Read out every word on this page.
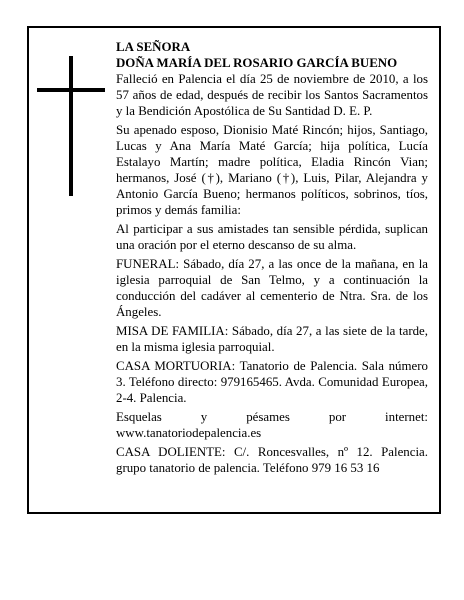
LA SEÑORA

DOÑA MARÍA DEL ROSARIO GARCÍA BUENO

Falleció en Palencia el día 25 de noviembre de 2010, a los 57 años de edad, después de recibir los Santos Sacramentos y la Bendición Apostólica de Su Santidad D. E. P.

Su apenado esposo, Dionisio Maté Rincón; hijos, Santiago, Lucas y Ana María Maté García; hija política, Lucía Estalayo Martín; madre política, Eladia Rincón Vian; hermanos, José (†), Mariano (†), Luis, Pilar, Alejandra y Antonio García Bueno; hermanos políticos, sobrinos, tíos, primos y demás familia:

Al participar a sus amistades tan sensible pérdida, suplican una oración por el eterno descanso de su alma.

FUNERAL: Sábado, día 27, a las once de la mañana, en la iglesia parroquial de San Telmo, y a continuación la conducción del cadáver al cementerio de Ntra. Sra. de los Ángeles.

MISA DE FAMILIA: Sábado, día 27, a las siete de la tarde, en la misma iglesia parroquial.

CASA MORTUORIA: Tanatorio de Palencia. Sala número 3. Teléfono directo: 979165465. Avda. Comunidad Europea, 2-4. Palencia.

Esquelas y pésames por internet: www.tanatoriodepalencia.es

CASA DOLIENTE: C/. Roncesvalles, nº 12. Palencia. grupo tanatorio de palencia. Teléfono 979 16 53 16
